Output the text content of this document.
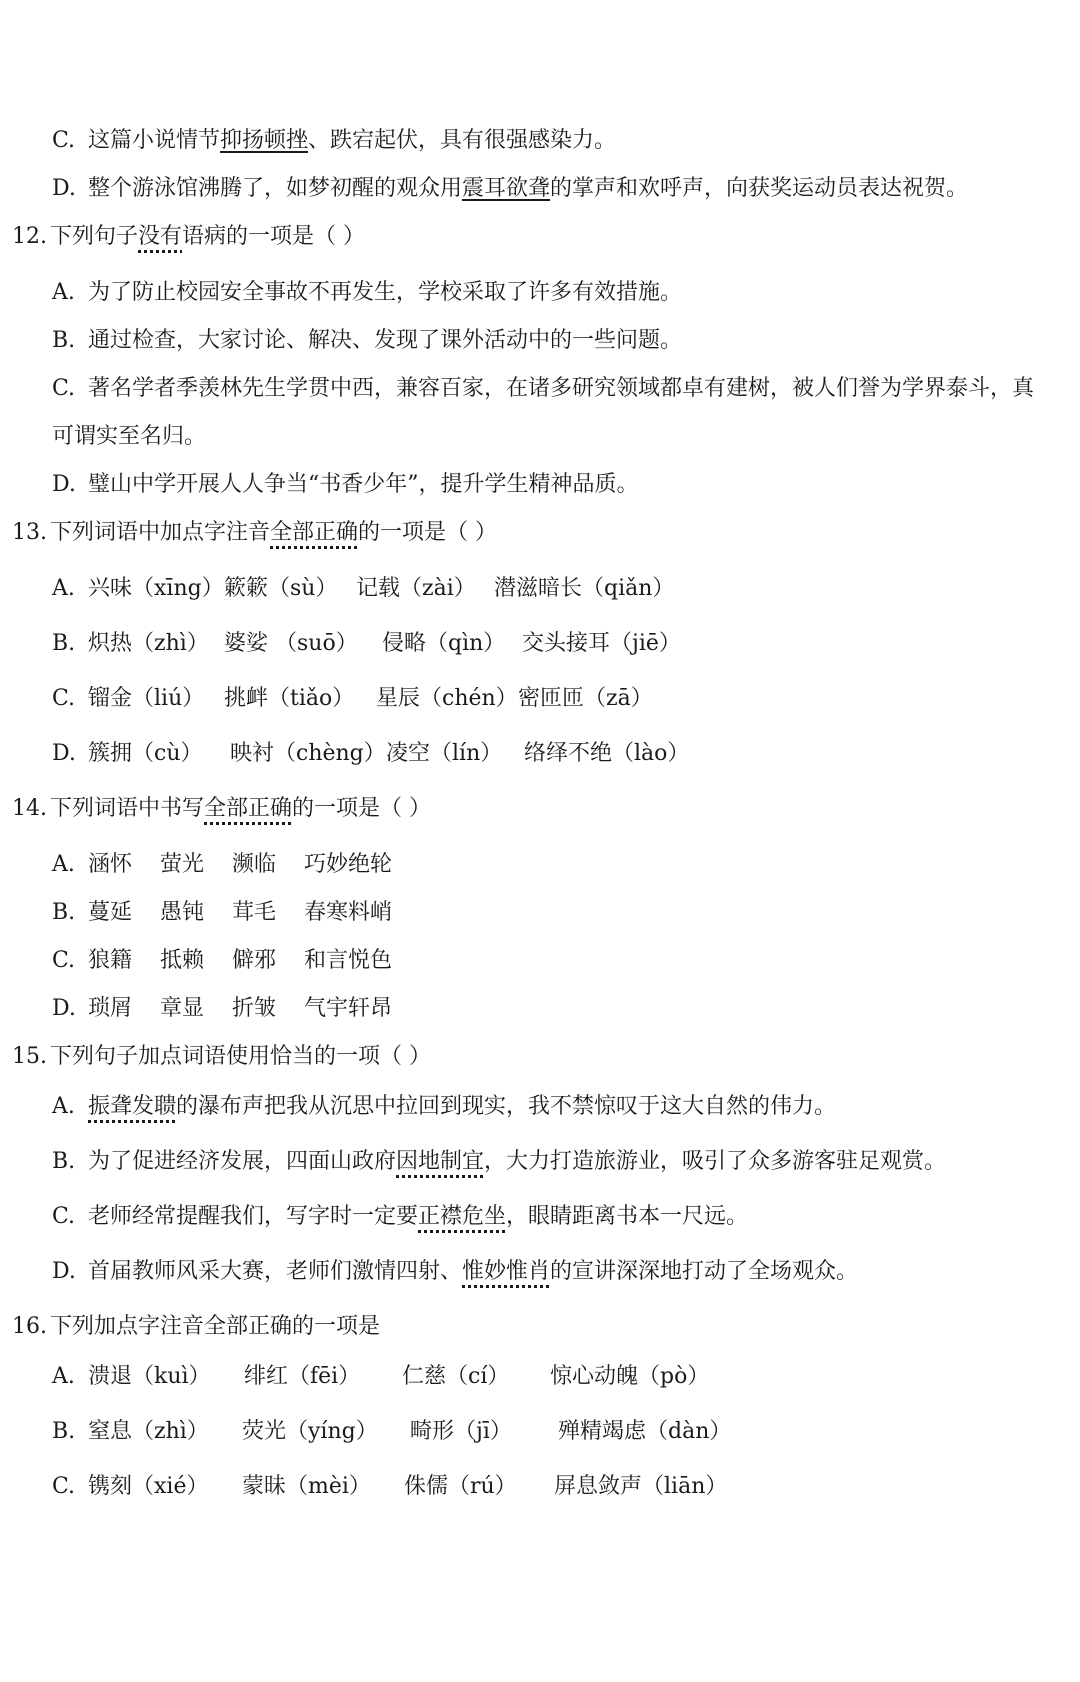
C. 这篇小说情节抑扬顿挫、跌宕起伏，具有很强感染力。
D. 整个游泳馆沸腾了，如梦初醒的观众用震耳欲聋的掌声和欢呼声，向获奖运动员表达祝贺。
12. 下列句子没有语病的一项是（ ）
A. 为了防止校园安全事故不再发生，学校采取了许多有效措施。
B. 通过检查，大家讨论、解决、发现了课外活动中的一些问题。
C. 著名学者季羡林先生学贯中西，兼容百家，在诸多研究领域都卓有建树，被人们誉为学界泰斗，真
可谓实至名归。
D. 璧山中学开展人人争当“书香少年”，提升学生精神品质。
13. 下列词语中加点字注音全部正确的一项是（ ）
A. 兴味（xīng） 簌簌（sù） 记载（zài） 潜滋暗长（qiǎn）
B. 炽热（zhì） 婆娑 （suō） 侵略（qìn） 交头接耳（jiē）
C. 镏金（liú） 挑衅（tiǎo） 星辰（chén） 密匝匝（zā）
D. 簇拥（cù） 映衬（chèng） 凌空（lín） 络绎不绝（lào）
14. 下列词语中书写全部正确的一项是（ ）
A. 涵怀 萤光 濒临 巧妙绝轮
B. 蔓延 愚钝 茸毛 春寒料峭
C. 狼籍 抵赖 僻邪 和言悦色
D. 琐屑 章显 折皱 气宇轩昂
15. 下列句子加点词语使用恰当的一项（ ）
A. 振聋发聩的瀑布声把我从沉思中拉回到现实，我不禁惊叹于这大自然的伟力。
B. 为了促进经济发展，四面山政府因地制宜，大力打造旅游业，吸引了众多游客驻足观赏。
C. 老师经常提醒我们，写字时一定要正襟危坐，眼睛距离书本一尺远。
D. 首届教师风采大赛，老师们激情四射、惟妙惟肖的宣讲深深地打动了全场观众。
16. 下列加点字注音全部正确的一项是
A. 溃退（kuì） 绯红（fēi） 仁慈（cí） 惊心动魄（pò）
B. 窒息（zhì） 荧光（yíng） 畸形（jī） 殚精竭虑（dàn）
C. 镌刻（xié） 蒙昧（mèi） 侏儒（rú） 屏息敛声（liān）
